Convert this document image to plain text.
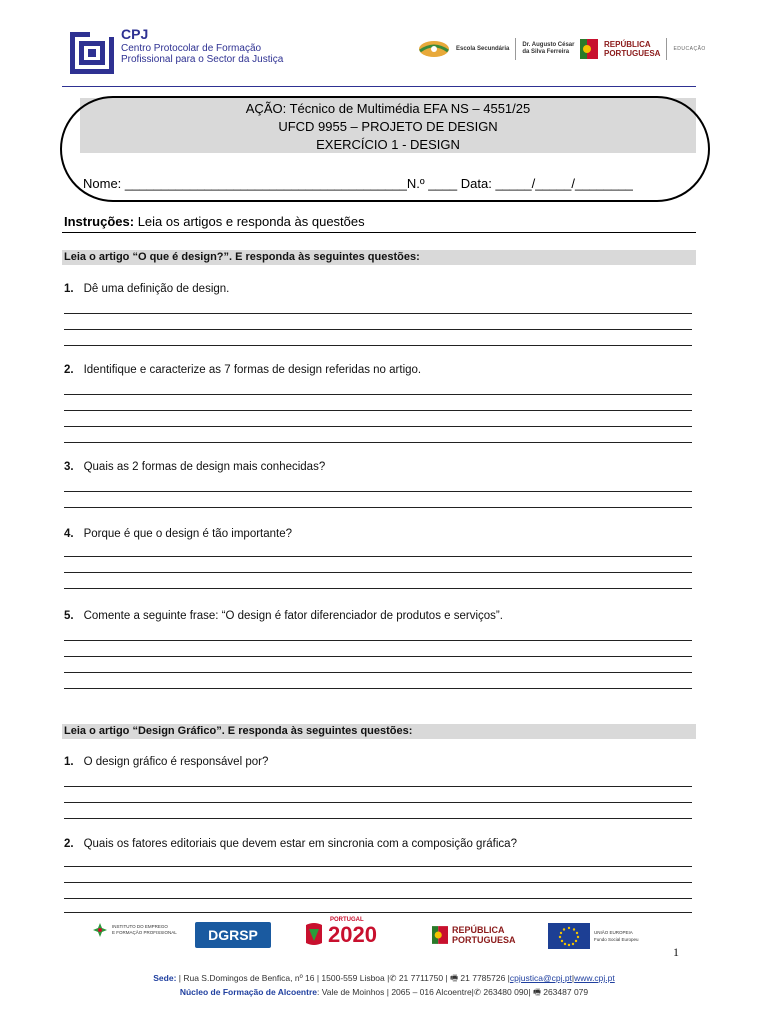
CPJ
Centro Protocolar de Formação
Profissional para o Sector da Justiça
Escola Secundária
Dr. Augusto César
da Silva Ferreira
REPÚBLICA
PORTUGUESA	EDUCAÇÃO
AÇÃO: Técnico de Multimédia EFA NS – 4551/25
UFCD 9955 – PROJETO DE DESIGN
EXERCÍCIO 1 - DESIGN
Nome: _______________________________________N.º ____ Data: _____/_____/________
Instruções: Leia os artigos e responda às questões
Leia o artigo “O que é design?”. E responda às seguintes questões:
1. Dê uma definição de design.
2. Identifique e caracterize as 7 formas de design referidas no artigo.
3. Quais as 2 formas de design mais conhecidas?
4. Porque é que o design é tão importante?
5. Comente a seguinte frase: “O design é fator diferenciador de produtos e serviços”.
Leia o artigo “Design Gráfico”. E responda às seguintes questões:
1. O design gráfico é responsável por?
2. Quais os fatores editoriais que devem estar em sincronia com a composição gráfica?
INSTITUTO DO EMPREGO
E FORMAÇÃO PROFISSIONAL	DGRSP
PORTUGAL
2020	REPÚBLICA
PORTUGUESA
UNIÃO EUROPEIA
Fundo Social Europeu
1
Sede: | Rua S.Domingos de Benfica, nº 16 | 1500-559 Lisboa |✆ 21 7711750 | 🖷 21 7785726 |cpjustica@cpj.pt|www.cpj.pt
Núcleo de Formação de Alcoentre: Vale de Moinhos | 2065 – 016 Alcoentre|✆ 263480 090| 🖷 263487 079
